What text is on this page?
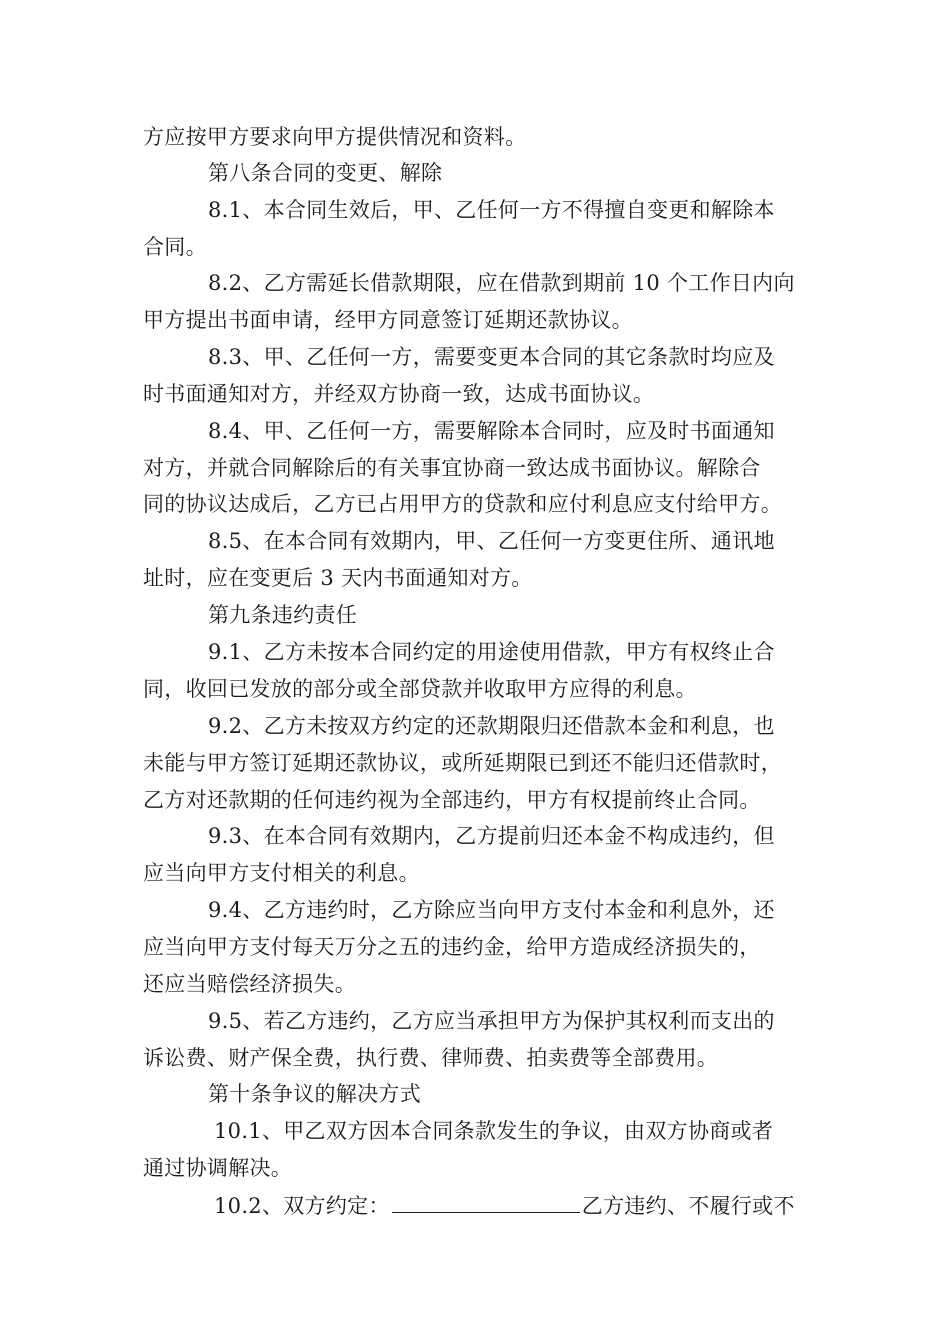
方应按甲方要求向甲方提供情况和资料。
第八条合同的变更、解除
8.1、本合同生效后，甲、乙任何一方不得擅自变更和解除本
合同。
8.2、乙方需延长借款期限，应在借款到期前 10 个工作日内向
甲方提出书面申请，经甲方同意签订延期还款协议。
8.3、甲、乙任何一方，需要变更本合同的其它条款时均应及
时书面通知对方，并经双方协商一致，达成书面协议。
8.4、甲、乙任何一方，需要解除本合同时，应及时书面通知
对方，并就合同解除后的有关事宜协商一致达成书面协议。解除合
同的协议达成后，乙方已占用甲方的贷款和应付利息应支付给甲方。
8.5、在本合同有效期内，甲、乙任何一方变更住所、通讯地
址时，应在变更后 3 天内书面通知对方。
第九条违约责任
9.1、乙方未按本合同约定的用途使用借款，甲方有权终止合
同，收回已发放的部分或全部贷款并收取甲方应得的利息。
9.2、乙方未按双方约定的还款期限归还借款本金和利息，也
未能与甲方签订延期还款协议，或所延期限已到还不能归还借款时，
乙方对还款期的任何违约视为全部违约，甲方有权提前终止合同。
9.3、在本合同有效期内，乙方提前归还本金不构成违约，但
应当向甲方支付相关的利息。
9.4、乙方违约时，乙方除应当向甲方支付本金和利息外，还
应当向甲方支付每天万分之五的违约金，给甲方造成经济损失的，
还应当赔偿经济损失。
9.5、若乙方违约，乙方应当承担甲方为保护其权利而支出的
诉讼费、财产保全费，执行费、律师费、拍卖费等全部费用。
第十条争议的解决方式
10.1、甲乙双方因本合同条款发生的争议，由双方协商或者
通过协调解决。
10.2、双方约定：	乙方违约、不履行或不
